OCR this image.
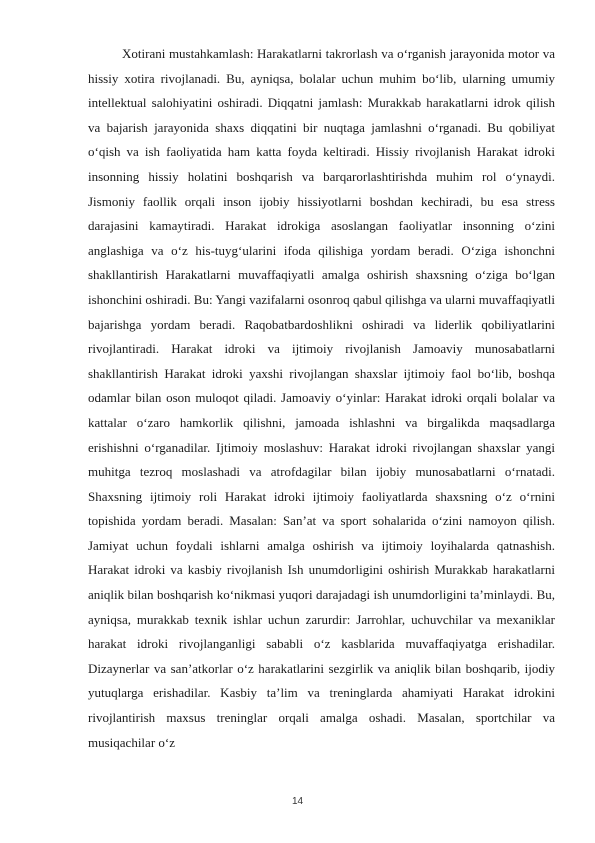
Xotirani mustahkamlash: Harakatlarni takrorlash va o‘rganish jarayonida motor va hissiy xotira rivojlanadi. Bu, ayniqsa, bolalar uchun muhim bo‘lib, ularning umumiy intellektual salohiyatini oshiradi. Diqqatni jamlash: Murakkab harakatlarni idrok qilish va bajarish jarayonida shaxs diqqatini bir nuqtaga jamlashni o‘rganadi. Bu qobiliyat o‘qish va ish faoliyatida ham katta foyda keltiradi. Hissiy rivojlanish Harakat idroki insonning hissiy holatini boshqarish va barqarorlashtirishda muhim rol o‘ynaydi. Jismoniy faollik orqali inson ijobiy hissiyotlarni boshdan kechiradi, bu esa stress darajasini kamaytiradi. Harakat idrokiga asoslangan faoliyatlar insonning o‘zini anglashiga va o‘z his-tuyg‘ularini ifoda qilishiga yordam beradi. O‘ziga ishonchni shakllantirish Harakatlarni muvaffaqiyatli amalga oshirish shaxsning o‘ziga bo‘lgan ishonchini oshiradi. Bu: Yangi vazifalarni osonroq qabul qilishga va ularni muvaffaqiyatli bajarishga yordam beradi. Raqobatbardoshlikni oshiradi va liderlik qobiliyatlarini rivojlantiradi. Harakat idroki va ijtimoiy rivojlanish Jamoaviy munosabatlarni shakllantirish Harakat idroki yaxshi rivojlangan shaxslar ijtimoiy faol bo‘lib, boshqa odamlar bilan oson muloqot qiladi. Jamoaviy o‘yinlar: Harakat idroki orqali bolalar va kattalar o‘zaro hamkorlik qilishni, jamoada ishlashni va birgalikda maqsadlarga erishishni o‘rganadilar. Ijtimoiy moslashuv: Harakat idroki rivojlangan shaxslar yangi muhitga tezroq moslashadi va atrofdagilar bilan ijobiy munosabatlarni o‘rnatadi. Shaxsning ijtimoiy roli Harakat idroki ijtimoiy faoliyatlarda shaxsning o‘z o‘rnini topishida yordam beradi. Masalan: San’at va sport sohalarida o‘zini namoyon qilish. Jamiyat uchun foydali ishlarni amalga oshirish va ijtimoiy loyihalarda qatnashish. Harakat idroki va kasbiy rivojlanish Ish unumdorligini oshirish Murakkab harakatlarni aniqlik bilan boshqarish ko‘nikmasi yuqori darajadagi ish unumdorligini ta’minlaydi. Bu, ayniqsa, murakkab texnik ishlar uchun zarurdir: Jarrohlar, uchuvchilar va mexaniklar harakat idroki rivojlanganligi sababli o‘z kasblarida muvaffaqiyatga erishadilar. Dizaynerlar va san’atkorlar o‘z harakatlarini sezgirlik va aniqlik bilan boshqarib, ijodiy yutuqlarga erishadilar. Kasbiy ta’lim va treninglarda ahamiyati Harakat idrokini rivojlantirish maxsus treninglar orqali amalga oshadi. Masalan, sportchilar va musiqachilar o‘z

14
